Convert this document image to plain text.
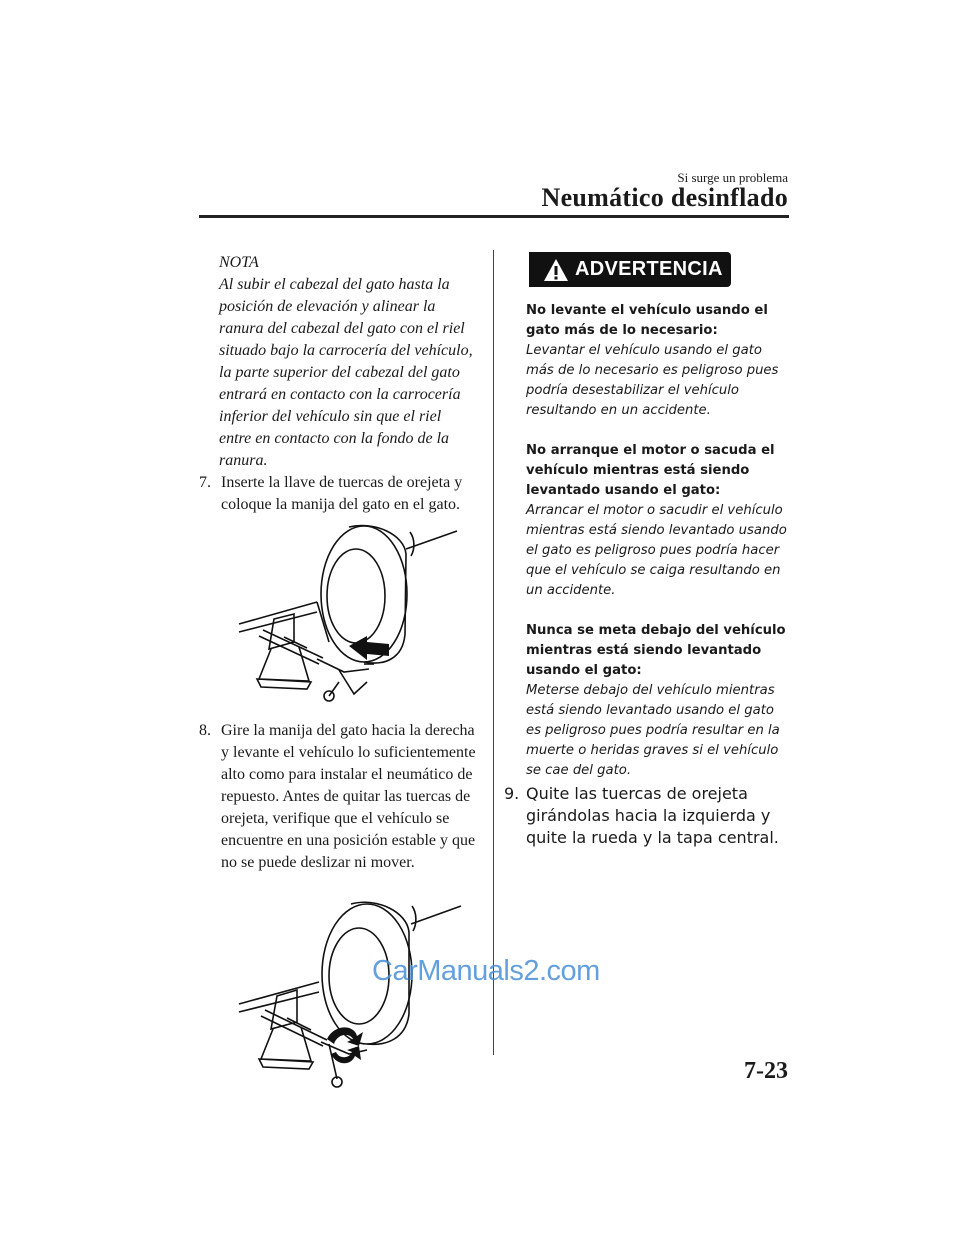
Si surge un problema
Neumático desinflado
NOTA
Al subir el cabezal del gato hasta la posición de elevación y alinear la ranura del cabezal del gato con el riel situado bajo la carrocería del vehículo, la parte superior del cabezal del gato entrará en contacto con la carrocería inferior del vehículo sin que el riel entre en contacto con la fondo de la ranura.
7. Inserte la llave de tuercas de orejeta y coloque la manija del gato en el gato.
8. Gire la manija del gato hacia la derecha y levante el vehículo lo suficientemente alto como para instalar el neumático de repuesto. Antes de quitar las tuercas de orejeta, verifique que el vehículo se encuentre en una posición estable y que no se puede deslizar ni mover.
ADVERTENCIA
No levante el vehículo usando el gato más de lo necesario:
Levantar el vehículo usando el gato más de lo necesario es peligroso pues podría desestabilizar el vehículo resultando en un accidente.
No arranque el motor o sacuda el vehículo mientras está siendo levantado usando el gato:
Arrancar el motor o sacudir el vehículo mientras está siendo levantado usando el gato es peligroso pues podría hacer que el vehículo se caiga resultando en un accidente.
Nunca se meta debajo del vehículo mientras está siendo levantado usando el gato:
Meterse debajo del vehículo mientras está siendo levantado usando el gato es peligroso pues podría resultar en la muerte o heridas graves si el vehículo se cae del gato.
9. Quite las tuercas de orejeta girándolas hacia la izquierda y quite la rueda y la tapa central.
CarManuals2.com
7-23
